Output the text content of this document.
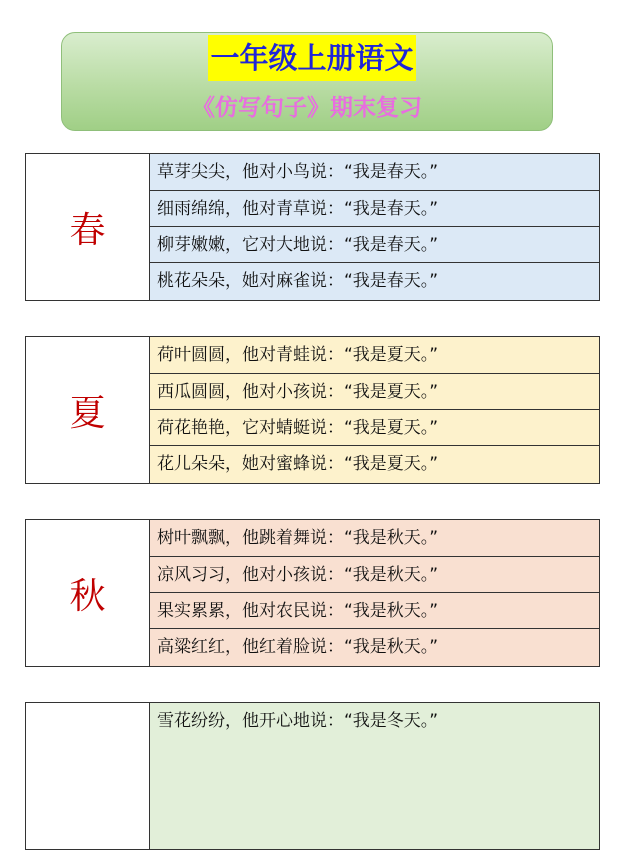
一年级上册语文
《仿写句子》期末复习
春
草芽尖尖，他对小鸟说：“我是春天。”
细雨绵绵，他对青草说：“我是春天。”
柳芽嫩嫩，它对大地说：“我是春天。”
桃花朵朵，她对麻雀说：“我是春天。”
夏
荷叶圆圆，他对青蛙说：“我是夏天。”
西瓜圆圆，他对小孩说：“我是夏天。”
荷花艳艳，它对蜻蜓说：“我是夏天。”
花儿朵朵，她对蜜蜂说：“我是夏天。”
秋
树叶飘飘，他跳着舞说：“我是秋天。”
凉风习习，他对小孩说：“我是秋天。”
果实累累，他对农民说：“我是秋天。”
高粱红红，他红着脸说：“我是秋天。”
雪花纷纷，他开心地说：“我是冬天。”
